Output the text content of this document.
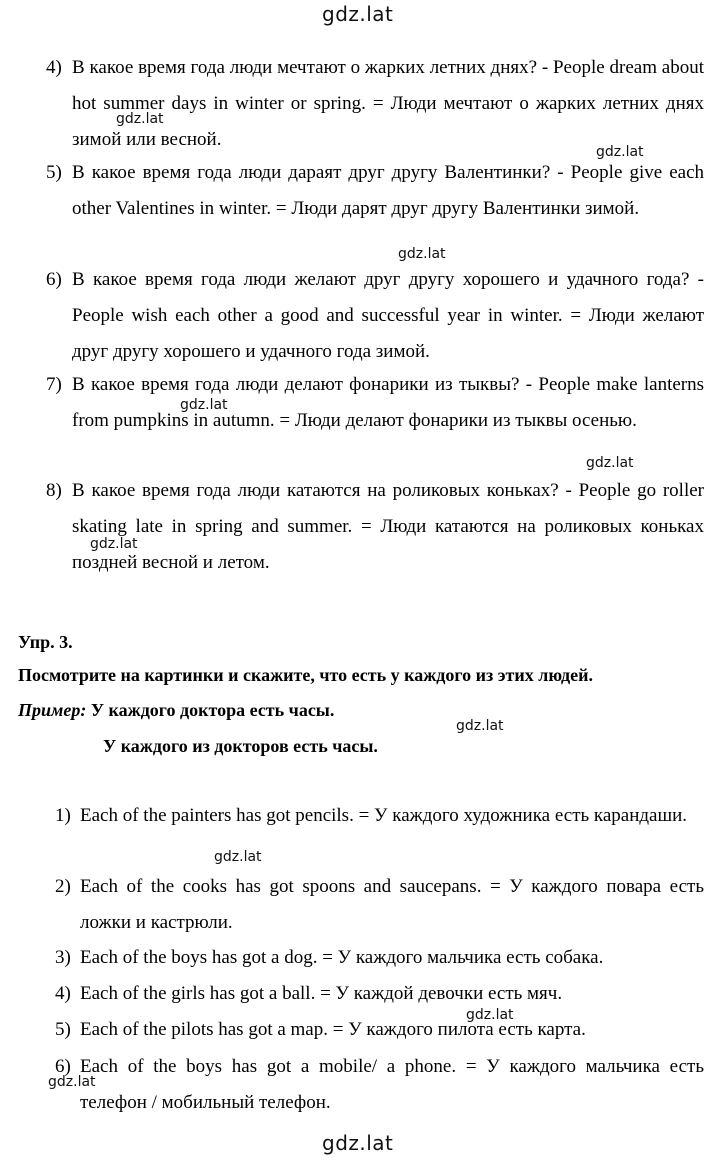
gdz.lat
gdz.lat
gdz.lat
gdz.lat
gdz.lat
gdz.lat
gdz.lat
gdz.lat
gdz.lat
gdz.lat
gdz.lat
gdz.lat
4) В какое время года люди мечтают о жарких летних днях? - People dream about hot summer days in winter or spring. = Люди мечтают о жарких летних днях зимой или весной.
5) В какое время года люди дараят друг другу Валентинки? - People give each other Valentines in winter. = Люди дарят друг другу Валентинки зимой.
6) В какое время года люди желают друг другу хорошего и удачного года? - People wish each other a good and successful year in winter. = Люди желают друг другу хорошего и удачного года зимой.
7) В какое время года люди делают фонарики из тыквы? - People make lanterns from pumpkins in autumn. = Люди делают фонарики из тыквы осенью.
8) В какое время года люди катаются на роликовых коньках? - People go roller skating late in spring and summer. = Люди катаются на роликовых коньках поздней весной и летом.
Упр. 3.
Посмотрите на картинки и скажите, что есть у каждого из этих людей.
Пример: У каждого доктора есть часы.
У каждого из докторов есть часы.
1) Each of the painters has got pencils. = У каждого художника есть карандаши.
2) Each of the cooks has got spoons and saucepans. = У каждого повара есть ложки и кастрюли.
3) Each of the boys has got a dog. = У каждого мальчика есть собака.
4) Each of the girls has got a ball. = У каждой девочки есть мяч.
5) Each of the pilots has got a map. = У каждого пилота есть карта.
6) Each of the boys has got a mobile/ a phone. = У каждого мальчика есть телефон / мобильный телефон.
